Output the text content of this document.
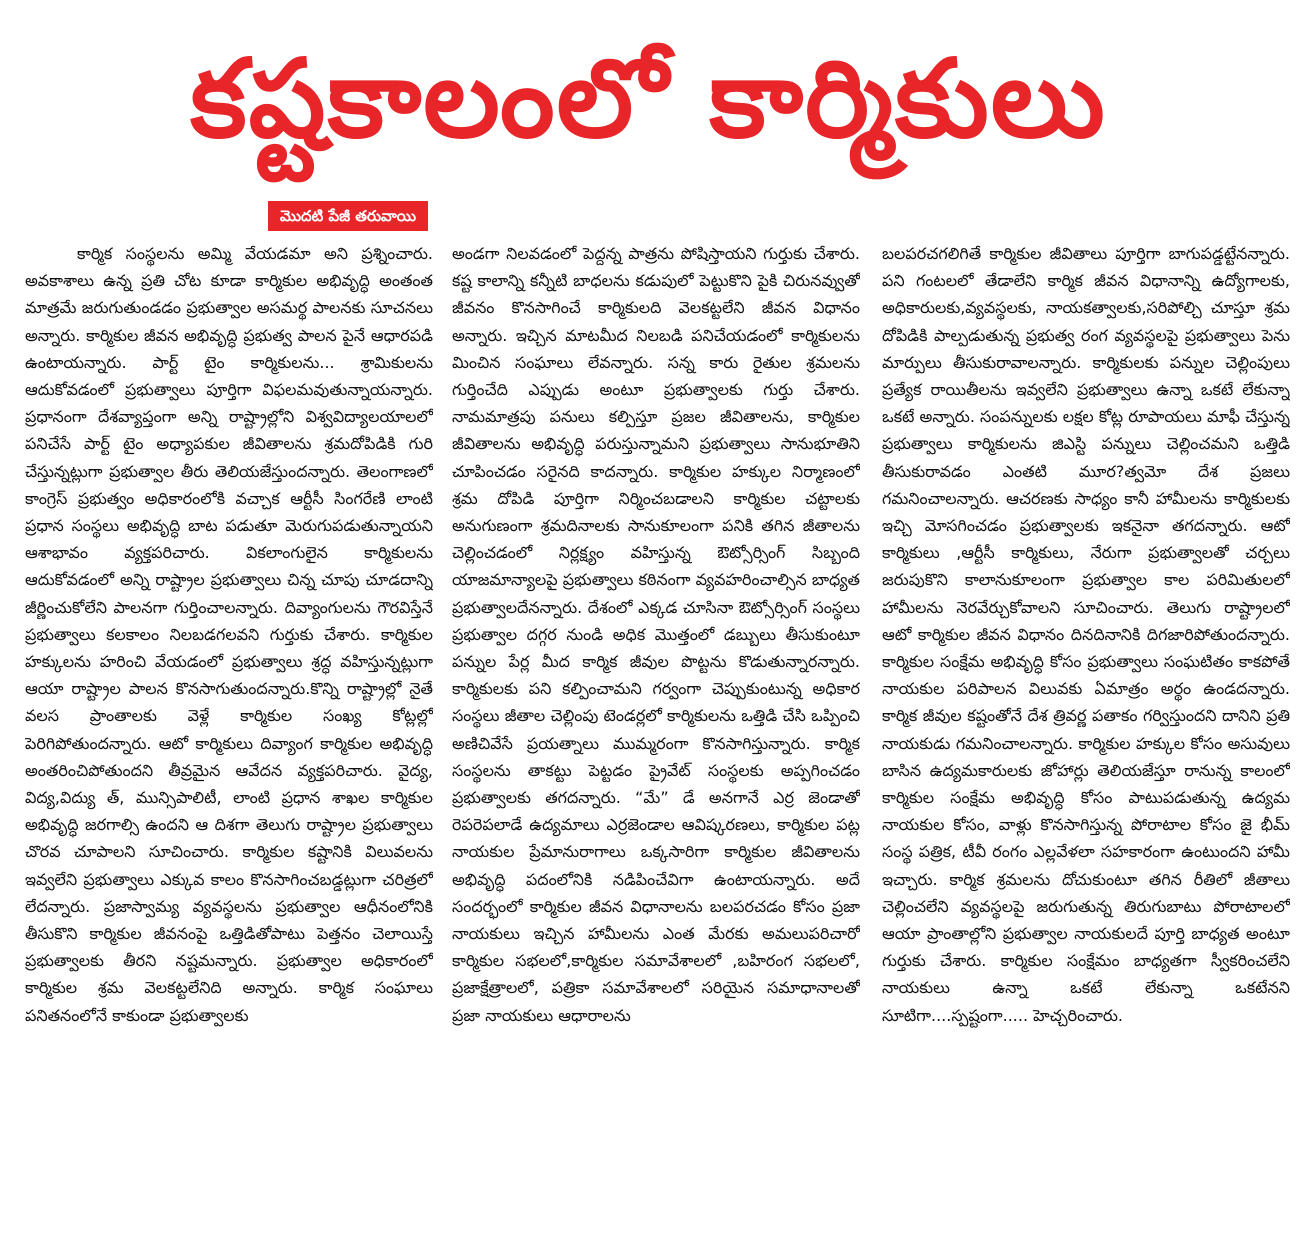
కష్టకాలంలో కార్మికులు
మొదటి పేజీ తరువాయి

కార్మిక సంస్థలను అమ్మి వేయడమా అని ప్రశ్నించారు. అవకాశాలు ఉన్న ప్రతి చోట కూడా కార్మికుల అభివృద్ధి అంతంత మాత్రమే జరుగుతుండడం ప్రభుత్వాల అసమర్థ పాలనకు సూచనలు అన్నారు. కార్మికుల జీవన అభివృద్ధి ప్రభుత్వ పాలన పైనే ఆధారపడి ఉంటాయన్నారు. పార్ట్ టైం కార్మికులను... శ్రామికులను ఆదుకోవడంలో ప్రభుత్వాలు పూర్తిగా విఫలమవుతున్నాయన్నారు. ప్రధానంగా దేశవ్యాప్తంగా అన్ని రాష్ట్రాల్లోని విశ్వవిద్యాలయాలలో పనిచేసే పార్ట్ టైం అధ్యాపకుల జీవితాలను శ్రమదోపిడికి గురి చేస్తున్నట్లుగా ప్రభుత్వాల తీరు తెలియజేస్తుందన్నారు. తెలంగాణలో కాంగ్రెస్ ప్రభుత్వం అధికారంలోకి వచ్చాక ఆర్టీసీ సింగరేణి లాంటి ప్రధాన సంస్థలు అభివృద్ధి బాట పడుతూ మెరుగుపడుతున్నాయని ఆశాభావం వ్యక్తపరిచారు. వికలాంగులైన కార్మికులను ఆదుకోవడంలో అన్ని రాష్ట్రాల ప్రభుత్వాలు చిన్న చూపు చూడదాన్ని జీర్ణించుకోలేని పాలనగా గుర్తించాలన్నారు. దివ్యాంగులను గౌరవిస్తేనే ప్రభుత్వాలు కలకాలం నిలబడగలవని గుర్తుకు చేశారు. కార్మికుల హక్కులను హరించి వేయడంలో ప్రభుత్వాలు శ్రద్ధ వహిస్తున్నట్లుగా ఆయా రాష్ట్రాల పాలన కొనసాగుతుందన్నారు.కొన్ని రాష్ట్రాల్లో నైతే వలస ప్రాంతాలకు వెళ్లే కార్మికుల సంఖ్య కోట్లల్లో పెరిగిపోతుందన్నారు. ఆటో కార్మికులు దివ్యాంగ కార్మికుల అభివృద్ధి అంతరించిపోతుందని తీవ్రమైన ఆవేదన వ్యక్తపరిచారు. వైద్య, విద్య,విద్యు త్, మున్సిపాలిటీ, లాంటి ప్రధాన శాఖల కార్మికుల అభివృద్ధి జరగాల్సి ఉందని ఆ దిశగా తెలుగు రాష్ట్రాల ప్రభుత్వాలు చొరవ చూపాలని సూచించారు. కార్మికుల కష్టానికి విలువలను ఇవ్వలేని ప్రభుత్వాలు ఎక్కువ కాలం కొనసాగించబడ్డట్లుగా చరిత్రలో లేదన్నారు. ప్రజాస్వామ్య వ్యవస్థలను ప్రభుత్వాల ఆధీనంలోనికి తీసుకొని కార్మికుల జీవనంపై ఒత్తిడితోపాటు పెత్తనం చెలాయిస్తే ప్రభుత్వాలకు తీరని నష్టమన్నారు. ప్రభుత్వాల అధికారంలో కార్మికుల శ్రమ వెలకట్టలేనిది అన్నారు. కార్మిక సంఘాలు పనితనంలోనే కాకుండా ప్రభుత్వాలకు

అండగా నిలవడంలో పెద్దన్న పాత్రను పోషిస్తాయని గుర్తుకు చేశారు. కష్ట కాలాన్ని కన్నీటి బాధలను కడుపులో పెట్టుకొని పైకి చిరునవ్వుతో జీవనం కొనసాగించే కార్మికులది వెలకట్టలేని జీవన విధానం అన్నారు. ఇచ్చిన మాటమీద నిలబడి పనిచేయడంలో కార్మికులను మించిన సంఘాలు లేవన్నారు. సన్న కారు రైతుల శ్రమలను గుర్తించేది ఎప్పుడు అంటూ ప్రభుత్వాలకు గుర్తు చేశారు. నామమాత్రపు పనులు కల్పిస్తూ ప్రజల జీవితాలను, కార్మికుల జీవితాలను అభివృద్ధి పరుస్తున్నామని ప్రభుత్వాలు సానుభూతిని చూపించడం సరైనది కాదన్నారు. కార్మికుల హక్కుల నిర్మాణంలో శ్రమ దోపిడి పూర్తిగా నిర్మించబడాలని కార్మికుల చట్టాలకు అనుగుణంగా శ్రమదినాలకు సానుకూలంగా పనికి తగిన జీతాలను చెల్లించడంలో నిర్లక్ష్యం వహిస్తున్న ఔట్సోర్సింగ్ సిబ్బంది యాజమాన్యాలపై ప్రభుత్వాలు కఠినంగా వ్యవహరించాల్సిన బాధ్యత ప్రభుత్వాలదేనన్నారు. దేశంలో ఎక్కడ చూసినా ఔట్సోర్సింగ్ సంస్థలు ప్రభుత్వాల దగ్గర నుండి అధిక మొత్తంలో డబ్బులు తీసుకుంటూ పన్నుల పేర్ల మీద కార్మిక జీవుల పొట్టను కొడుతున్నారన్నారు. కార్మికులకు పని కల్పించామని గర్వంగా చెప్పుకుంటున్న అధికార సంస్థలు జీతాల చెల్లింపు టెండర్లలో కార్మికులను ఒత్తిడి చేసి ఒప్పించి అణిచివేసే ప్రయత్నాలు ముమ్మరంగా కొనసాగిస్తున్నారు. కార్మిక సంస్థలను తాకట్టు పెట్టడం ప్రైవేట్ సంస్థలకు అప్పగించడం ప్రభుత్వాలకు తగదన్నారు. “మే” డే అనగానే ఎర్ర జెండాతో రెపరెపలాడే ఉద్యమాలు ఎర్రజెండాల ఆవిష్కరణలు, కార్మికుల పట్ల నాయకుల ప్రేమానురాగాలు ఒక్కసారిగా కార్మికుల జీవితాలను అభివృద్ధి పదంలోనికి నడిపించేవిగా ఉంటాయన్నారు. అదే సందర్భంలో కార్మికుల జీవన విధానాలను బలపరచడం కోసం ప్రజా నాయకులు ఇచ్చిన హామీలను ఎంత మేరకు అమలుపరిచారో కార్మికుల సభలలో,కార్మికుల సమావేశాలలో ,బహిరంగ సభలలో, ప్రజాక్షేత్రాలలో, పత్రికా సమావేశాలలో సరియైన సమాధానాలతో ప్రజా నాయకులు ఆధారాలను

బలపరచగలిగితే కార్మికుల జీవితాలు పూర్తిగా బాగుపడ్డట్టేనన్నారు. పని గంటలలో తేడాలేని కార్మిక జీవన విధానాన్ని ఉద్యోగాలకు, అధికారులకు,వ్యవస్థలకు, నాయకత్వాలకు,సరిపోల్చి చూస్తూ శ్రమ దోపిడికి పాల్పడుతున్న ప్రభుత్వ రంగ వ్యవస్థలపై ప్రభుత్వాలు పెను మార్పులు తీసుకురావాలన్నారు. కార్మికులకు పన్నుల చెల్లింపులు ప్రత్యేక రాయితీలను ఇవ్వలేని ప్రభుత్వాలు ఉన్నా ఒకటే లేకున్నా ఒకటే అన్నారు. సంపన్నులకు లక్షల కోట్ల రూపాయలు మాఫీ చేస్తున్న ప్రభుత్వాలు కార్మికులను జిఎస్టి పన్నులు చెల్లించమని ఒత్తిడి తీసుకురావడం ఎంతటి మూర?త్వమో దేశ ప్రజలు గమనించాలన్నారు. ఆచరణకు సాధ్యం కానీ హామీలను కార్మికులకు ఇచ్చి మోసగించడం ప్రభుత్వాలకు ఇకనైనా తగదన్నారు. ఆటో కార్మికులు ,ఆర్టీసీ కార్మికులు, నేరుగా ప్రభుత్వాలతో చర్చలు జరుపుకొని కాలానుకూలంగా ప్రభుత్వాల కాల పరిమితులలో హామీలను నెరవేర్చుకోవాలని సూచించారు. తెలుగు రాష్ట్రాలలో ఆటో కార్మికుల జీవన విధానం దినదినానికి దిగజారిపోతుందన్నారు. కార్మికుల సంక్షేమ అభివృద్ధి కోసం ప్రభుత్వాలు సంఘటితం కాకపోతే నాయకుల పరిపాలన విలువకు ఏమాత్రం అర్థం ఉండదన్నారు. కార్మిక జీవుల కష్టంతోనే దేశ త్రివర్ణ పతాకం గర్విస్తుందని దానిని ప్రతి నాయకుడు గమనించాలన్నారు. కార్మికుల హక్కుల కోసం అసువులు బాసిన ఉద్యమకారులకు జోహార్లు తెలియజేస్తూ రానున్న కాలంలో కార్మికుల సంక్షేమ అభివృద్ధి కోసం పాటుపడుతున్న ఉద్యమ నాయకుల కోసం, వాళ్లు కొనసాగిస్తున్న పోరాటాల కోసం జై భీమ్ సంస్థ పత్రిక, టీవీ రంగం ఎల్లవేళలా సహకారంగా ఉంటుందని హామీ ఇచ్చారు. కార్మిక శ్రమలను దోచుకుంటూ తగిన రీతిలో జీతాలు చెల్లించలేని వ్యవస్థలపై జరుగుతున్న తిరుగుబాటు పోరాటాలలో ఆయా ప్రాంతాల్లోని ప్రభుత్వాల నాయకులదే పూర్తి బాధ్యత అంటూ గుర్తుకు చేశారు. కార్మికుల సంక్షేమం బాధ్యతగా స్వీకరించలేని నాయకులు ఉన్నా ఒకటే లేకున్నా ఒకటేనని సూటిగా....స్పష్టంగా..... హెచ్చరించారు.
